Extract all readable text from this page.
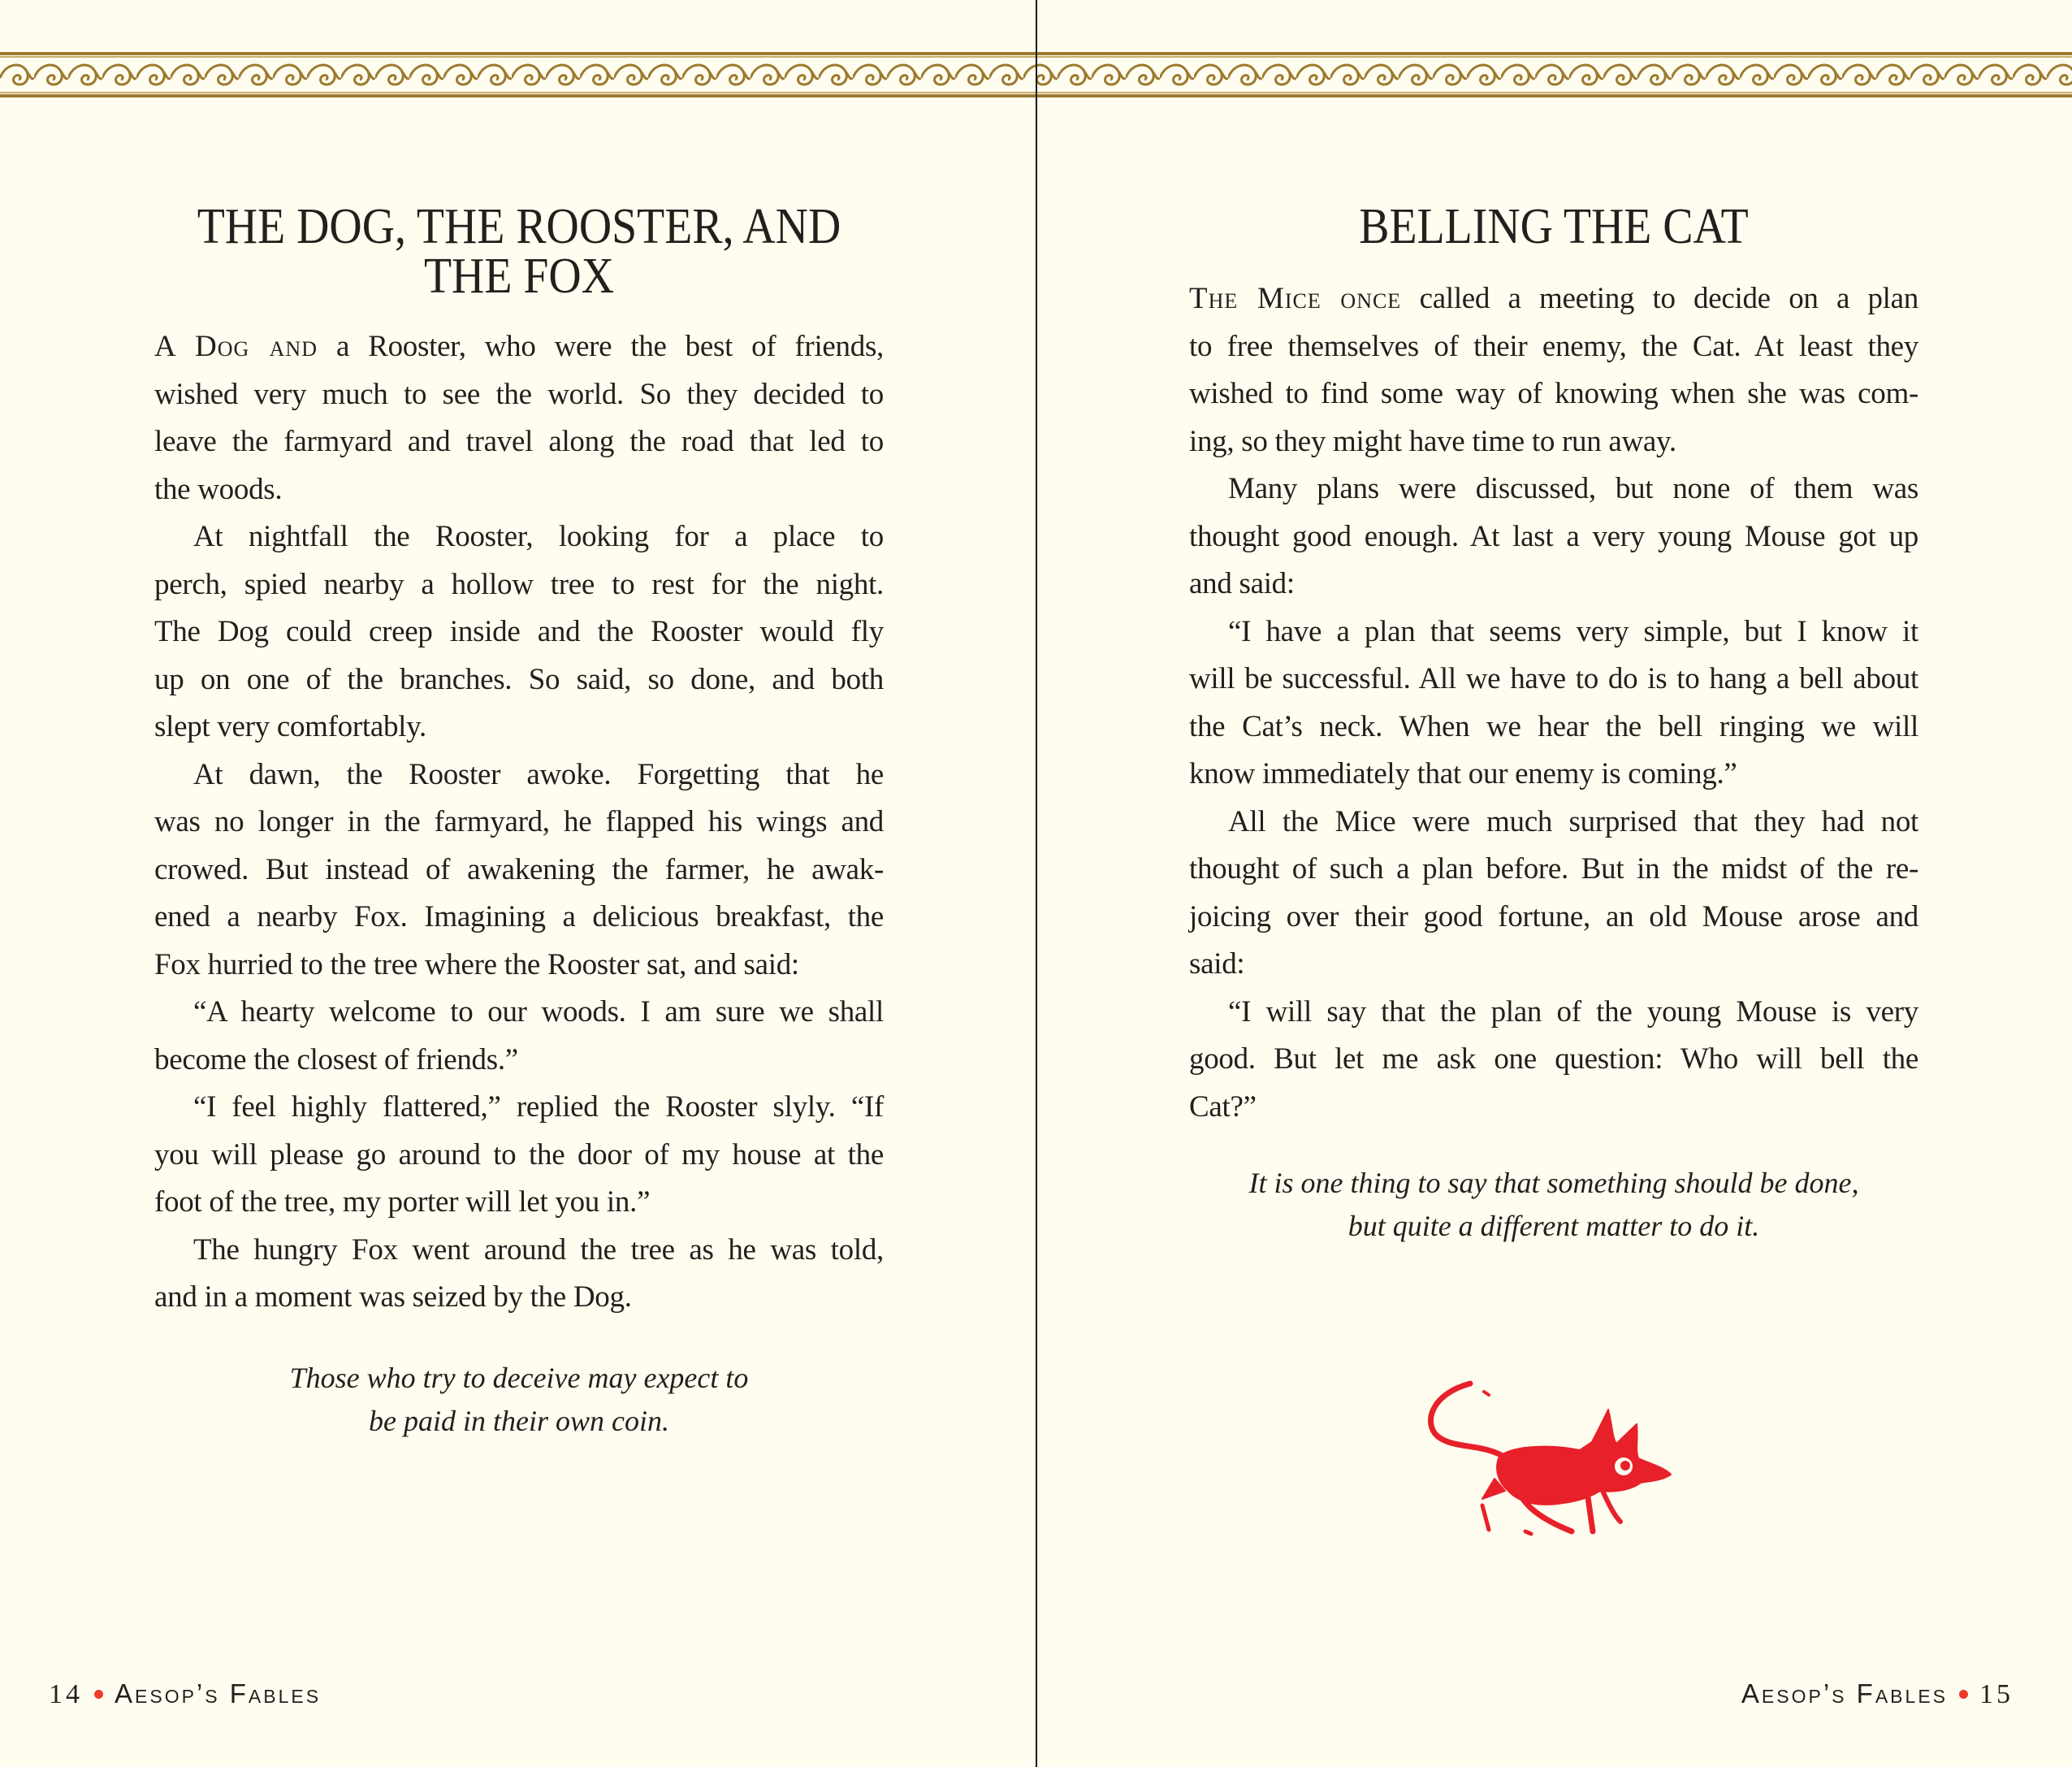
THE DOG, THE ROOSTER, AND
THE FOX
A Dog and a Rooster, who were the best of friends,
wished very much to see the world. So they decided to
leave the farmyard and travel along the road that led to
the woods.
At nightfall the Rooster, looking for a place to
perch, spied nearby a hollow tree to rest for the night.
The Dog could creep inside and the Rooster would fly
up on one of the branches. So said, so done, and both
slept very comfortably.
At dawn, the Rooster awoke. Forgetting that he
was no longer in the farmyard, he flapped his wings and
crowed. But instead of awakening the farmer, he awak-
ened a nearby Fox. Imagining a delicious breakfast, the
Fox hurried to the tree where the Rooster sat, and said:
“A hearty welcome to our woods. I am sure we shall
become the closest of friends.”
“I feel highly flattered,” replied the Rooster slyly. “If
you will please go around to the door of my house at the
foot of the tree, my porter will let you in.”
The hungry Fox went around the tree as he was told,
and in a moment was seized by the Dog.
Those who try to deceive may expect to
be paid in their own coin.
BELLING THE CAT
The Mice once called a meeting to decide on a plan
to free themselves of their enemy, the Cat. At least they
wished to find some way of knowing when she was com-
ing, so they might have time to run away.
Many plans were discussed, but none of them was
thought good enough. At last a very young Mouse got up
and said:
“I have a plan that seems very simple, but I know it
will be successful. All we have to do is to hang a bell about
the Cat’s neck. When we hear the bell ringing we will
know immediately that our enemy is coming.”
All the Mice were much surprised that they had not
thought of such a plan before. But in the midst of the re-
joicing over their good fortune, an old Mouse arose and
said:
“I will say that the plan of the young Mouse is very
good. But let me ask one question: Who will bell the
Cat?”
It is one thing to say that something should be done,
but quite a different matter to do it.
14 Aesop’s Fables	Aesop’s Fables 15
